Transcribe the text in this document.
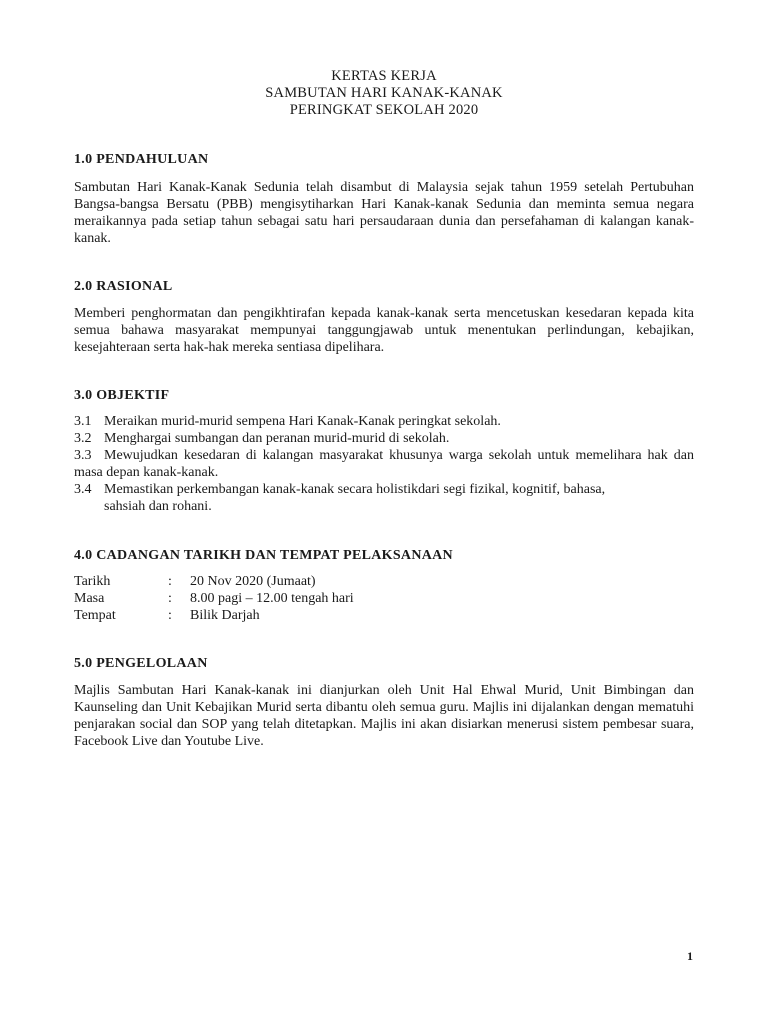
KERTAS KERJA
SAMBUTAN HARI KANAK-KANAK
PERINGKAT SEKOLAH 2020
1.0 PENDAHULUAN
Sambutan Hari Kanak-Kanak Sedunia telah disambut di Malaysia sejak tahun 1959 setelah Pertubuhan Bangsa-bangsa Bersatu (PBB) mengisytiharkan Hari Kanak-kanak Sedunia dan meminta semua negara meraikannya pada setiap tahun sebagai satu hari persaudaraan dunia dan persefahaman di kalangan kanak-kanak.
2.0 RASIONAL
Memberi penghormatan dan pengikhtirafan kepada kanak-kanak serta mencetuskan kesedaran kepada kita semua bahawa masyarakat mempunyai tanggungjawab untuk menentukan perlindungan, kebajikan, kesejahteraan serta hak-hak mereka sentiasa dipelihara.
3.0 OBJEKTIF
3.1 Meraikan murid-murid sempena Hari Kanak-Kanak peringkat sekolah.
3.2 Menghargai sumbangan dan peranan murid-murid di sekolah.
3.3 Mewujudkan kesedaran di kalangan masyarakat khusunya warga sekolah untuk memelihara hak dan masa depan kanak-kanak.
3.4 Memastikan perkembangan kanak-kanak secara holistikdari segi fizikal, kognitif, bahasa,
sahsiah dan rohani.
4.0 CADANGAN TARIKH DAN TEMPAT PELAKSANAAN
Tarikh	: 20 Nov 2020 (Jumaat)
Masa	: 8.00 pagi – 12.00 tengah hari
Tempat	: Bilik Darjah
5.0 PENGELOLAAN
Majlis Sambutan Hari Kanak-kanak ini dianjurkan oleh Unit Hal Ehwal Murid, Unit Bimbingan dan Kaunseling dan Unit Kebajikan Murid serta dibantu oleh semua guru. Majlis ini dijalankan dengan mematuhi penjarakan social dan SOP yang telah ditetapkan. Majlis ini akan disiarkan menerusi sistem pembesar suara, Facebook Live dan Youtube Live.
1
